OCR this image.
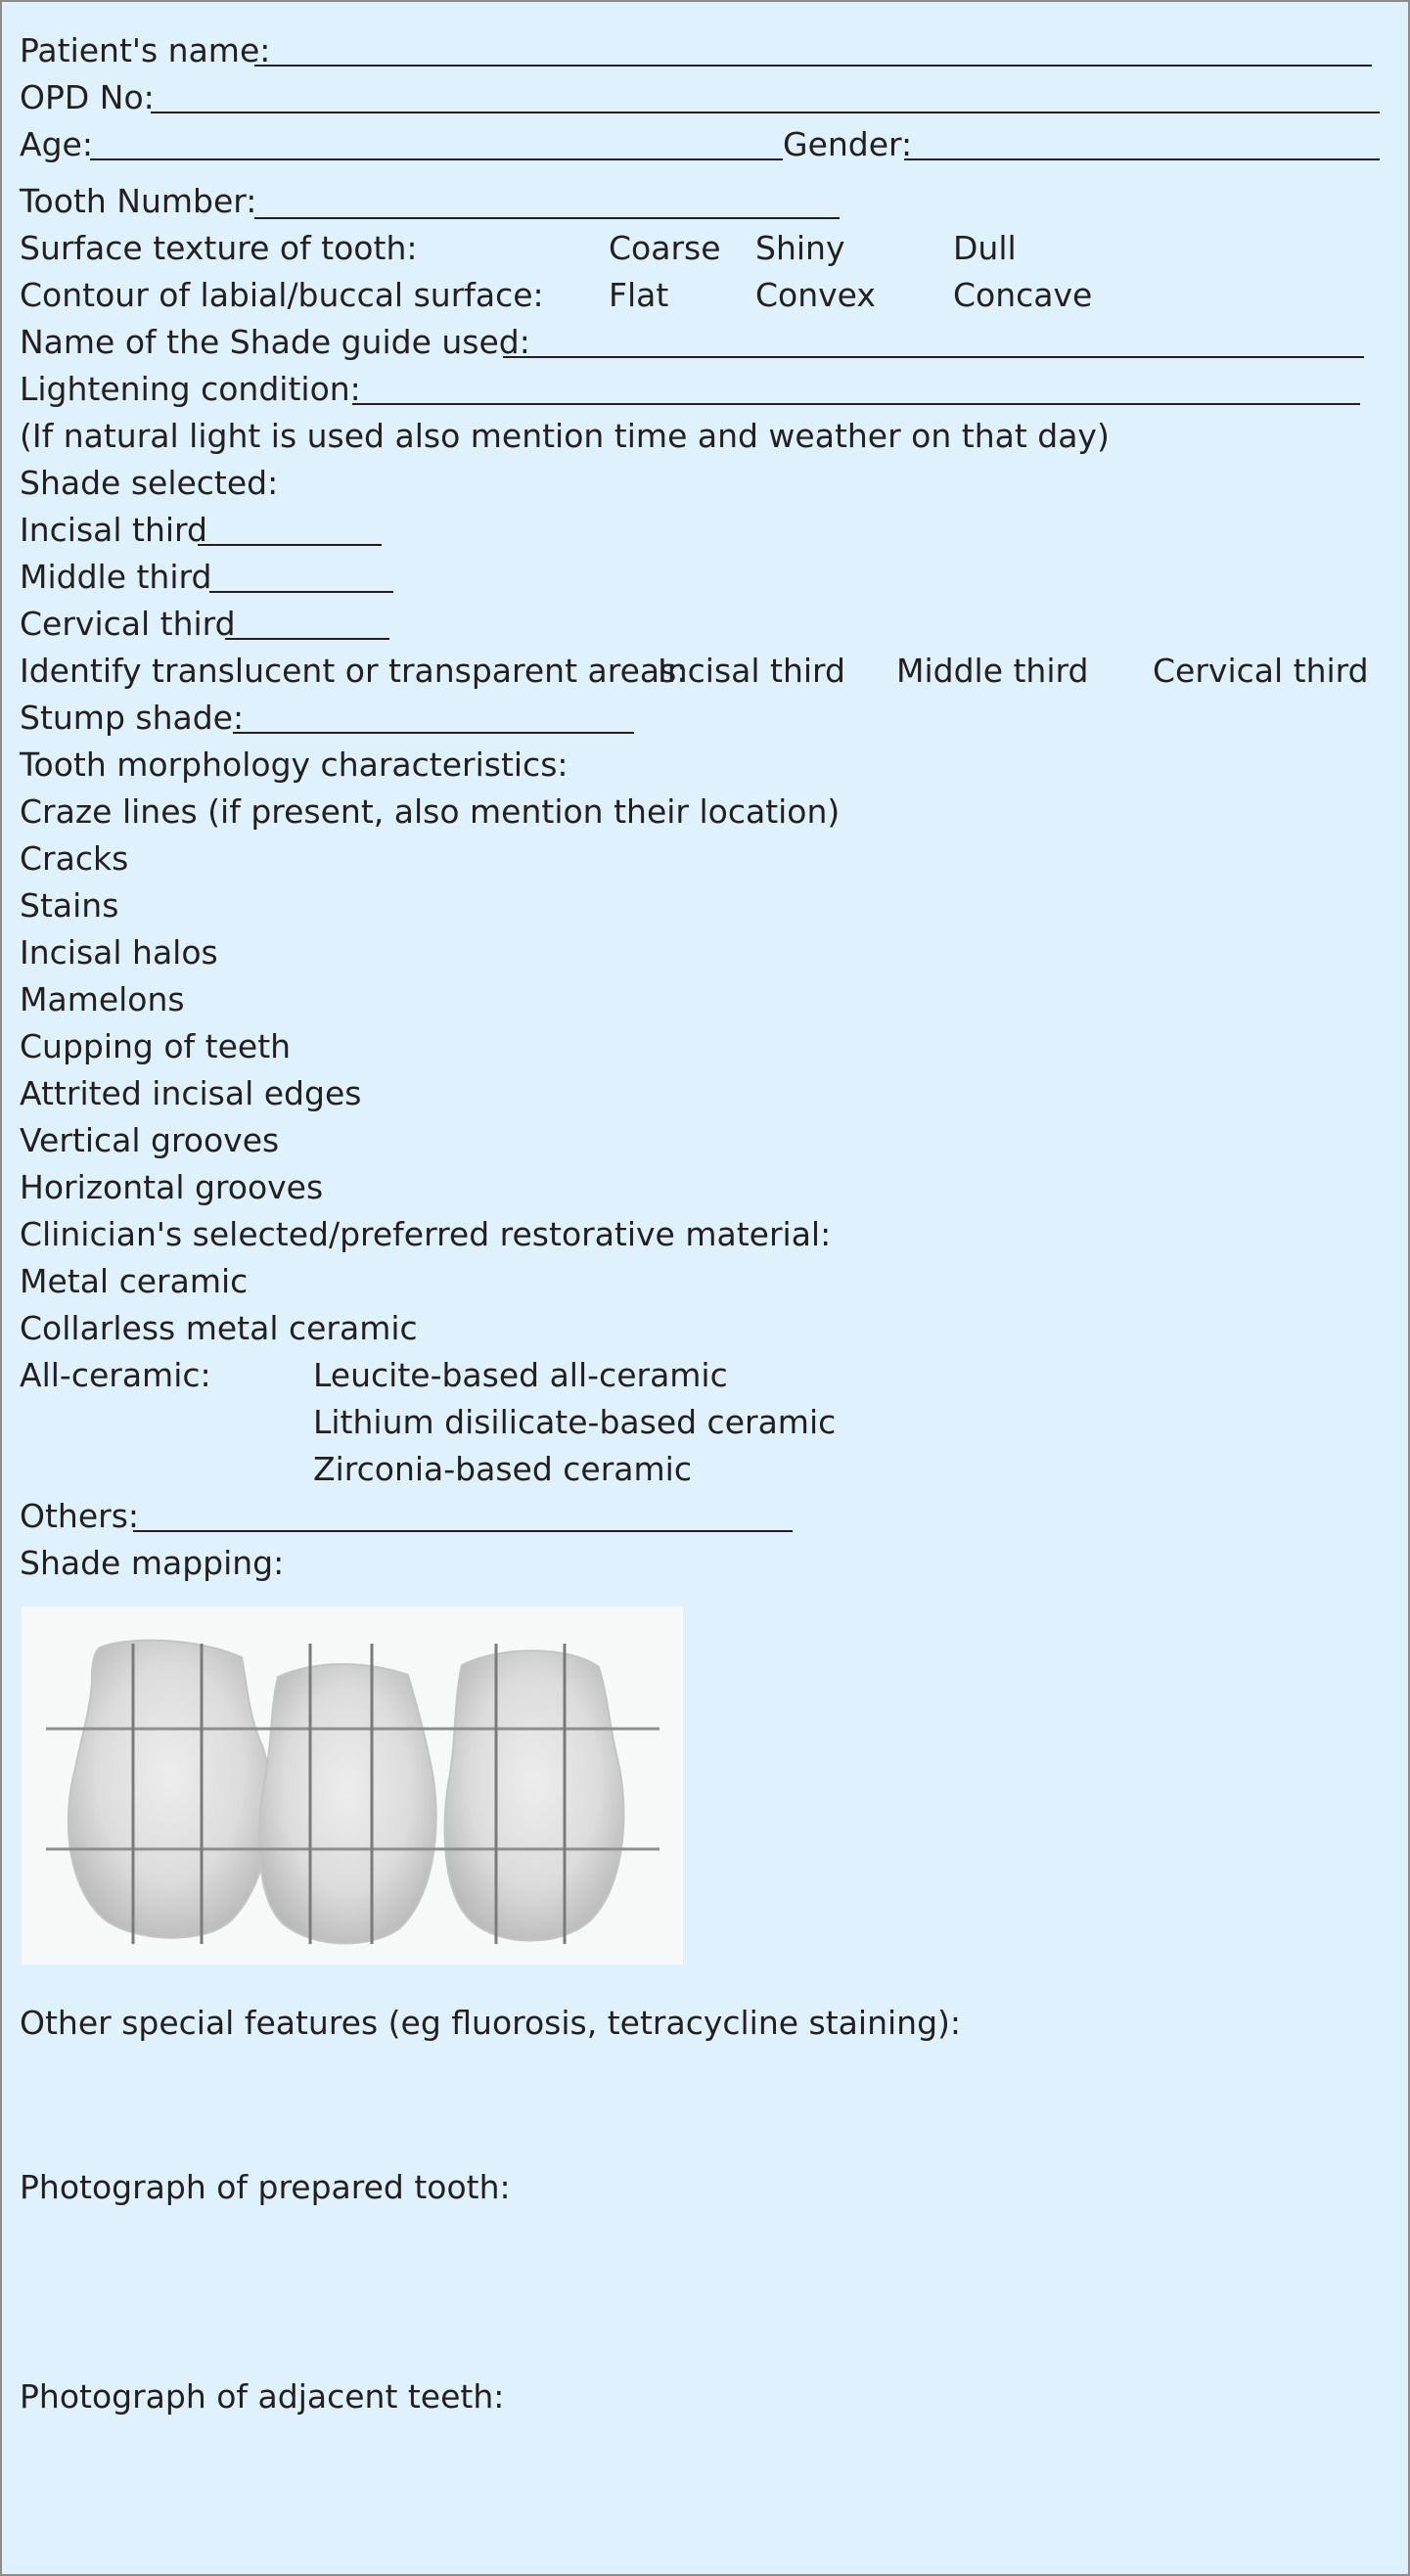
Patient's name:
OPD No:
Age:	Gender:
Tooth Number:
Surface texture of tooth:	Coarse Shiny	Dull
Contour of labial/buccal surface: Flat	Convex Concave
Name of the Shade guide used:
Lightening condition:
(If natural light is used also mention time and weather on that day)
Shade selected:
Incisal third
Middle third
Cervical third
Identify translucent or transparent areas:
Incisal third Middle third Cervical third
Stump shade:
Tooth morphology characteristics:
Craze lines (if present, also mention their location)
Cracks
Stains
Incisal halos
Mamelons
Cupping of teeth
Attrited incisal edges
Vertical grooves
Horizontal grooves
Clinician's selected/preferred restorative material:
Metal ceramic
Collarless metal ceramic
All-ceramic:	Leucite-based all-ceramic
Lithium disilicate-based ceramic
Zirconia-based ceramic
Others:
Shade mapping:
Other special features (eg fluorosis, tetracycline staining):
Photograph of prepared tooth:
Photograph of adjacent teeth:
